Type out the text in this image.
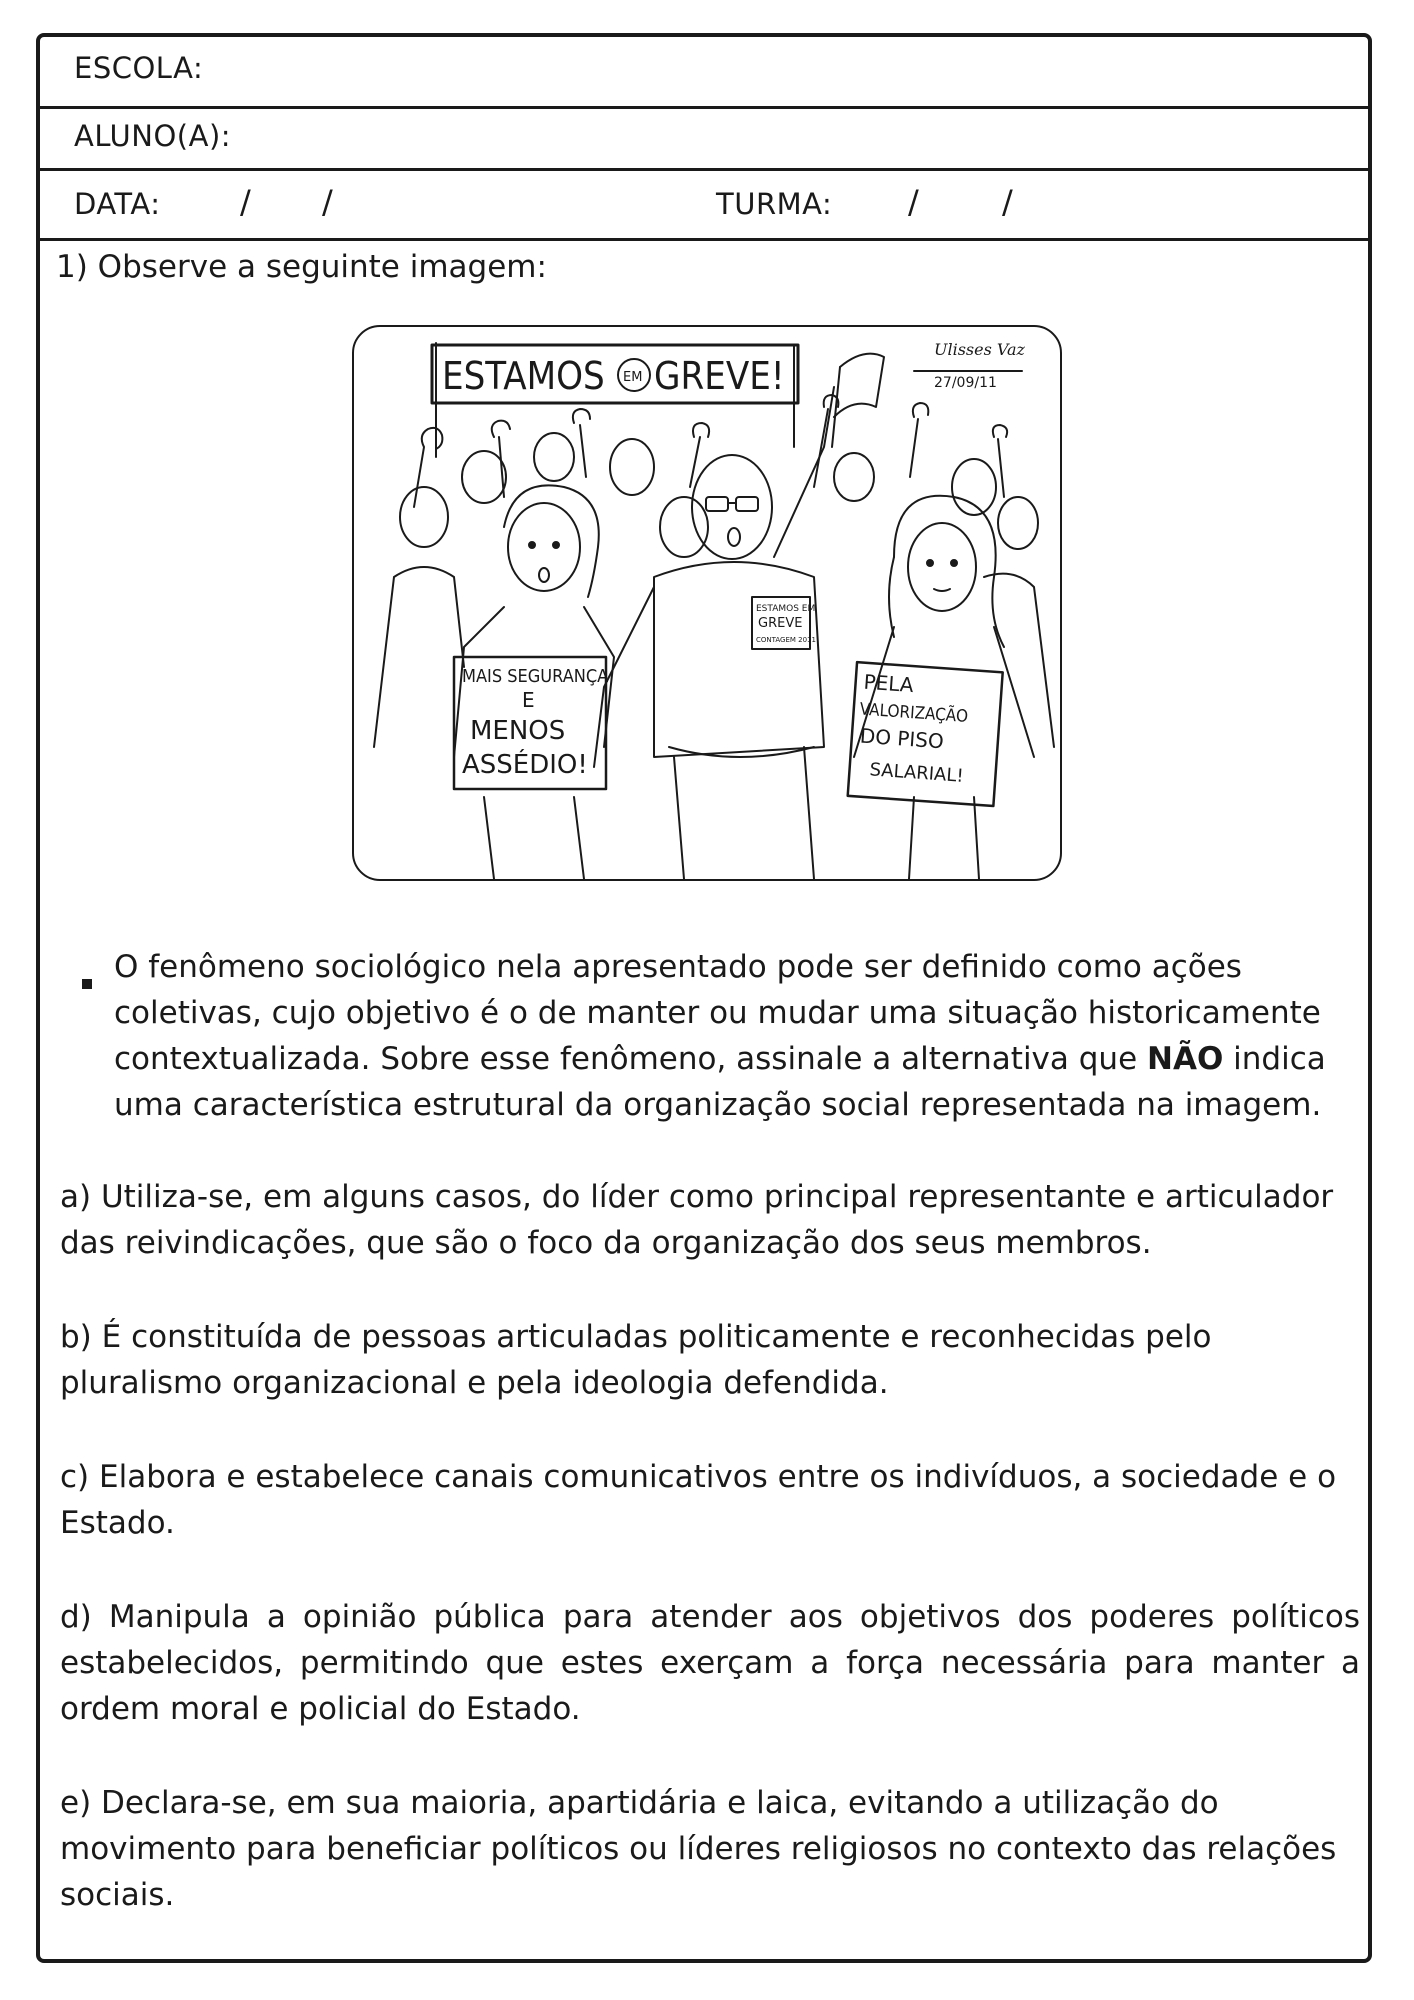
ESCOLA:
ALUNO(A):
DATA: / /	TURMA: /	/
1) Observe a seguinte imagem:
ESTAMOS EM GREVE!
Ulisses Vaz
27/09/11
ESTAMOS EM
GREVE
CONTAGEM 2011
MAIS SEGURANÇA
E
MENOS
ASSÉDIO!
PELA
VALORIZAÇÃO
DO PISO
SALARIAL!
O fenômeno sociológico nela apresentado pode ser definido como ações coletivas, cujo objetivo é o de manter ou mudar uma situação historicamente contextualizada. Sobre esse fenômeno, assinale a alternativa que NÃO indica uma característica estrutural da organização social representada na imagem.
a) Utiliza-se, em alguns casos, do líder como principal representante e articulador das reivindicações, que são o foco da organização dos seus membros.
b) É constituída de pessoas articuladas politicamente e reconhecidas pelo pluralismo organizacional e pela ideologia defendida.
c) Elabora e estabelece canais comunicativos entre os indivíduos, a sociedade e o Estado.
d) Manipula a opinião pública para atender aos objetivos dos poderes políticos estabelecidos, permitindo que estes exerçam a força necessária para manter a ordem moral e policial do Estado.
e) Declara-se, em sua maioria, apartidária e laica, evitando a utilização do movimento para beneficiar políticos ou líderes religiosos no contexto das relações sociais.
